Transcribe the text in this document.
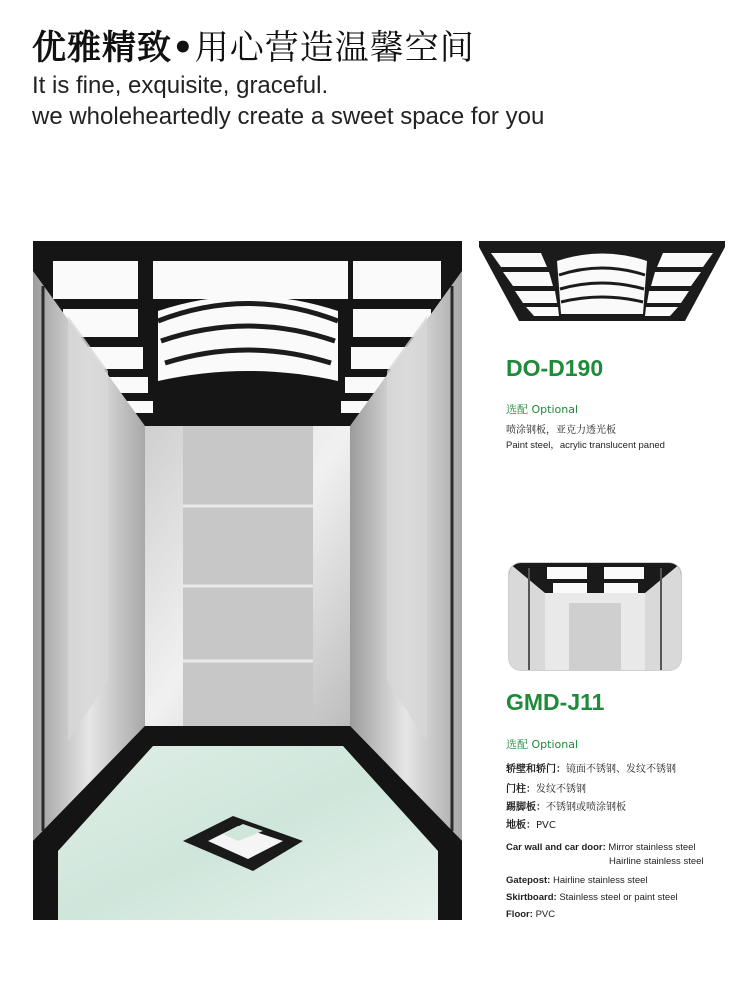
优雅精致•用心营造温馨空间

It is fine, exquisite, graceful.

we wholeheartedly create a sweet space for you

DO-D190
选配 Optional
喷涂钢板，亚克力透光板
Paint steel，acrylic translucent paned
GMD-J11
选配 Optional
轿壁和轿门：镜面不锈钢、发纹不锈钢
门柱：发纹不锈钢
踢脚板：不锈钢或喷涂钢板
地板：PVC
Car wall and car door: Mirror stainless steel
Hairline stainless steel
Gatepost: Hairline stainless steel
Skirtboard: Stainless steel or paint steel
Floor: PVC
